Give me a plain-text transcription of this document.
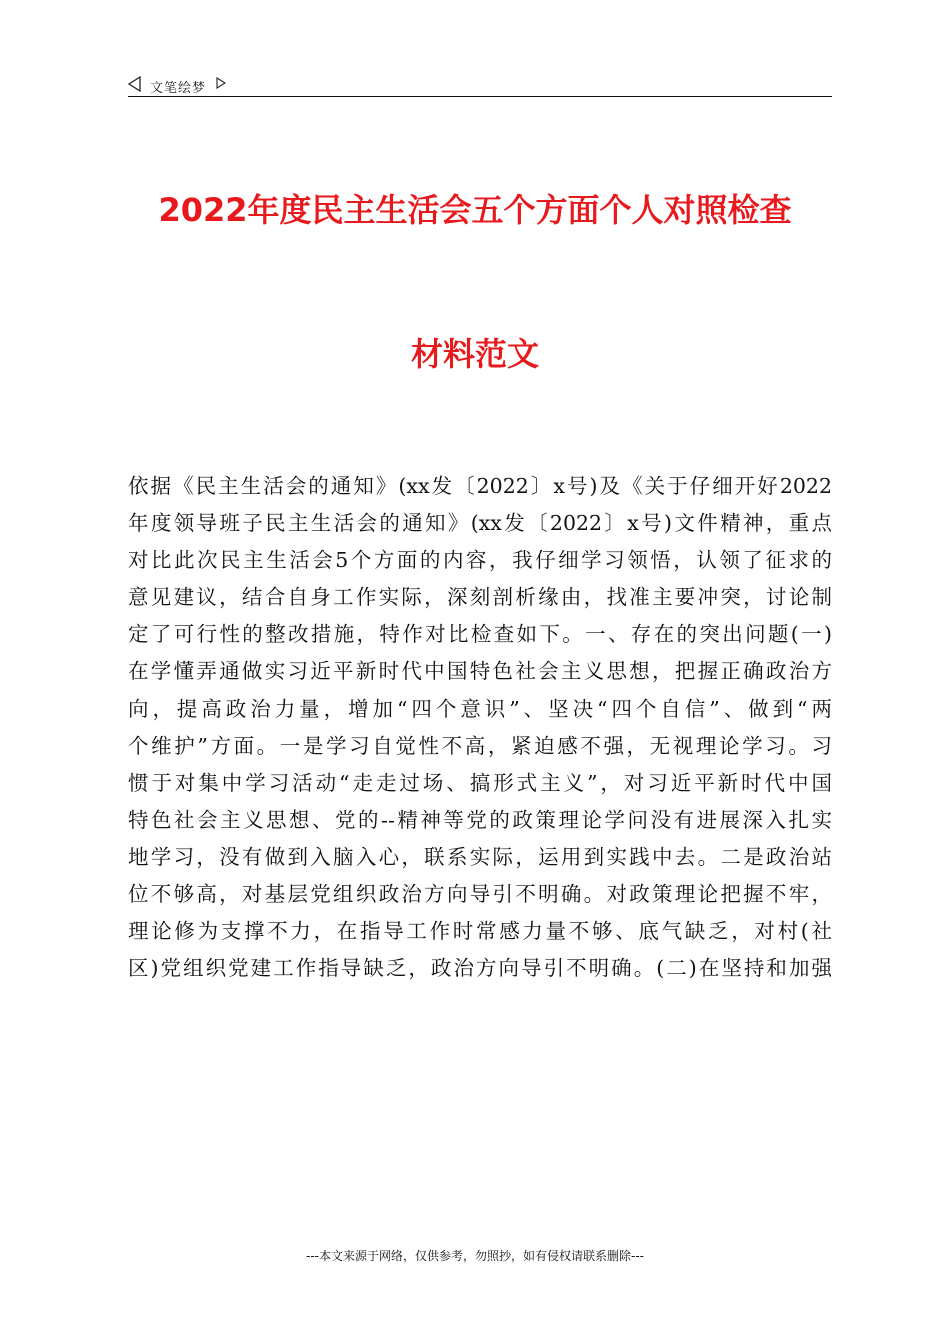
文笔绘梦
2022年度民主生活会五个方面个人对照检查
材料范文
依据《民主生活会的通知》(xx发〔2022〕x号)及《关于仔细开好2022
年度领导班子民主生活会的通知》(xx发〔2022〕x号)文件精神，重点
对比此次民主生活会5个方面的内容，我仔细学习领悟，认领了征求的
意见建议，结合自身工作实际，深刻剖析缘由，找准主要冲突，讨论制
定了可行性的整改措施，特作对比检查如下。一、存在的突出问题(一)
在学懂弄通做实习近平新时代中国特色社会主义思想，把握正确政治方
向，提高政治力量，增加“四个意识”、坚决“四个自信”、做到“两
个维护”方面。一是学习自觉性不高，紧迫感不强，无视理论学习。习
惯于对集中学习活动“走走过场、搞形式主义”，对习近平新时代中国
特色社会主义思想、党的--精神等党的政策理论学问没有进展深入扎实
地学习，没有做到入脑入心，联系实际，运用到实践中去。二是政治站
位不够高，对基层党组织政治方向导引不明确。对政策理论把握不牢，
理论修为支撑不力，在指导工作时常感力量不够、底气缺乏，对村(社
区)党组织党建工作指导缺乏，政治方向导引不明确。(二)在坚持和加强
---本文来源于网络，仅供参考，勿照抄，如有侵权请联系删除---
